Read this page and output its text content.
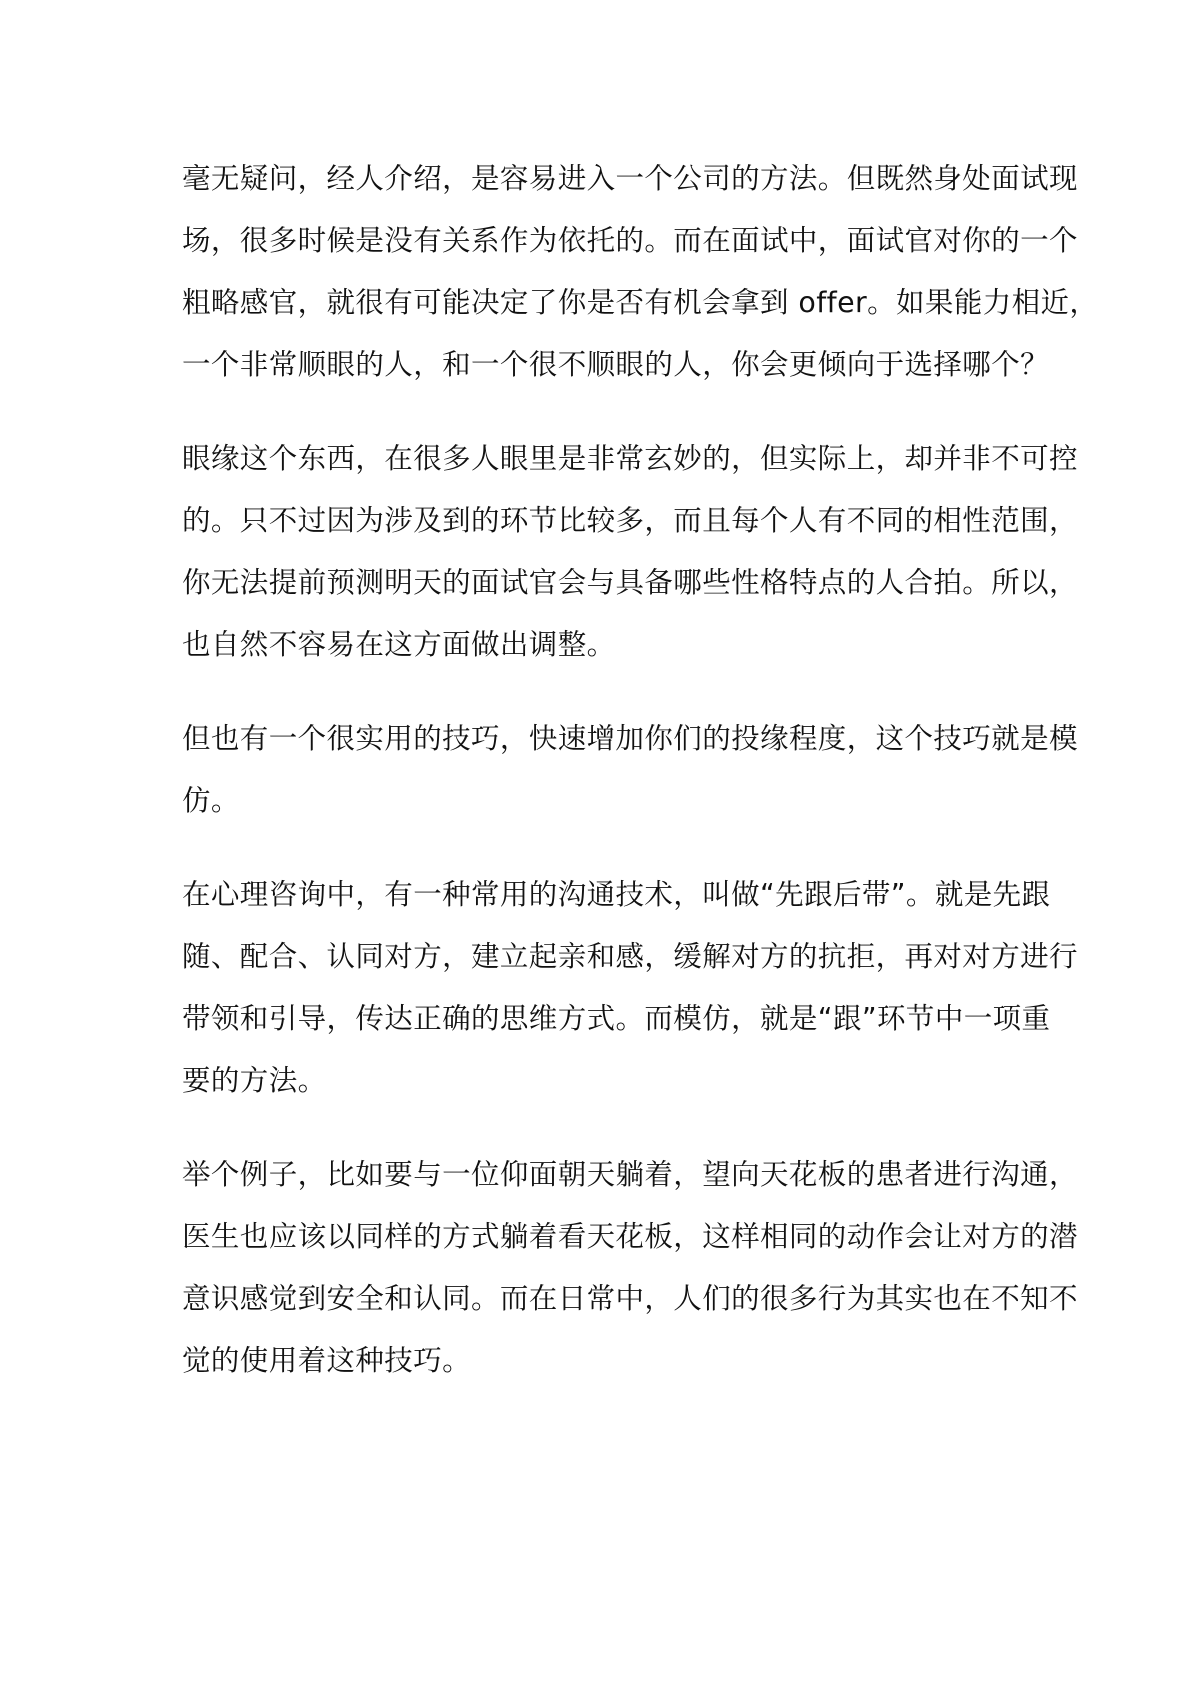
毫无疑问，经人介绍，是容易进入一个公司的方法。但既然身处面试现
场，很多时候是没有关系作为依托的。而在面试中，面试官对你的一个
粗略感官，就很有可能决定了你是否有机会拿到 offer。如果能力相近，
一个非常顺眼的人，和一个很不顺眼的人，你会更倾向于选择哪个？
眼缘这个东西，在很多人眼里是非常玄妙的，但实际上，却并非不可控
的。只不过因为涉及到的环节比较多，而且每个人有不同的相性范围，
你无法提前预测明天的面试官会与具备哪些性格特点的人合拍。所以，
也自然不容易在这方面做出调整。
但也有一个很实用的技巧，快速增加你们的投缘程度，这个技巧就是模
仿。
在心理咨询中，有一种常用的沟通技术，叫做“先跟后带”。就是先跟
随、配合、认同对方，建立起亲和感，缓解对方的抗拒，再对对方进行
带领和引导，传达正确的思维方式。而模仿，就是“跟”环节中一项重
要的方法。
举个例子，比如要与一位仰面朝天躺着，望向天花板的患者进行沟通，
医生也应该以同样的方式躺着看天花板，这样相同的动作会让对方的潜
意识感觉到安全和认同。而在日常中，人们的很多行为其实也在不知不
觉的使用着这种技巧。
